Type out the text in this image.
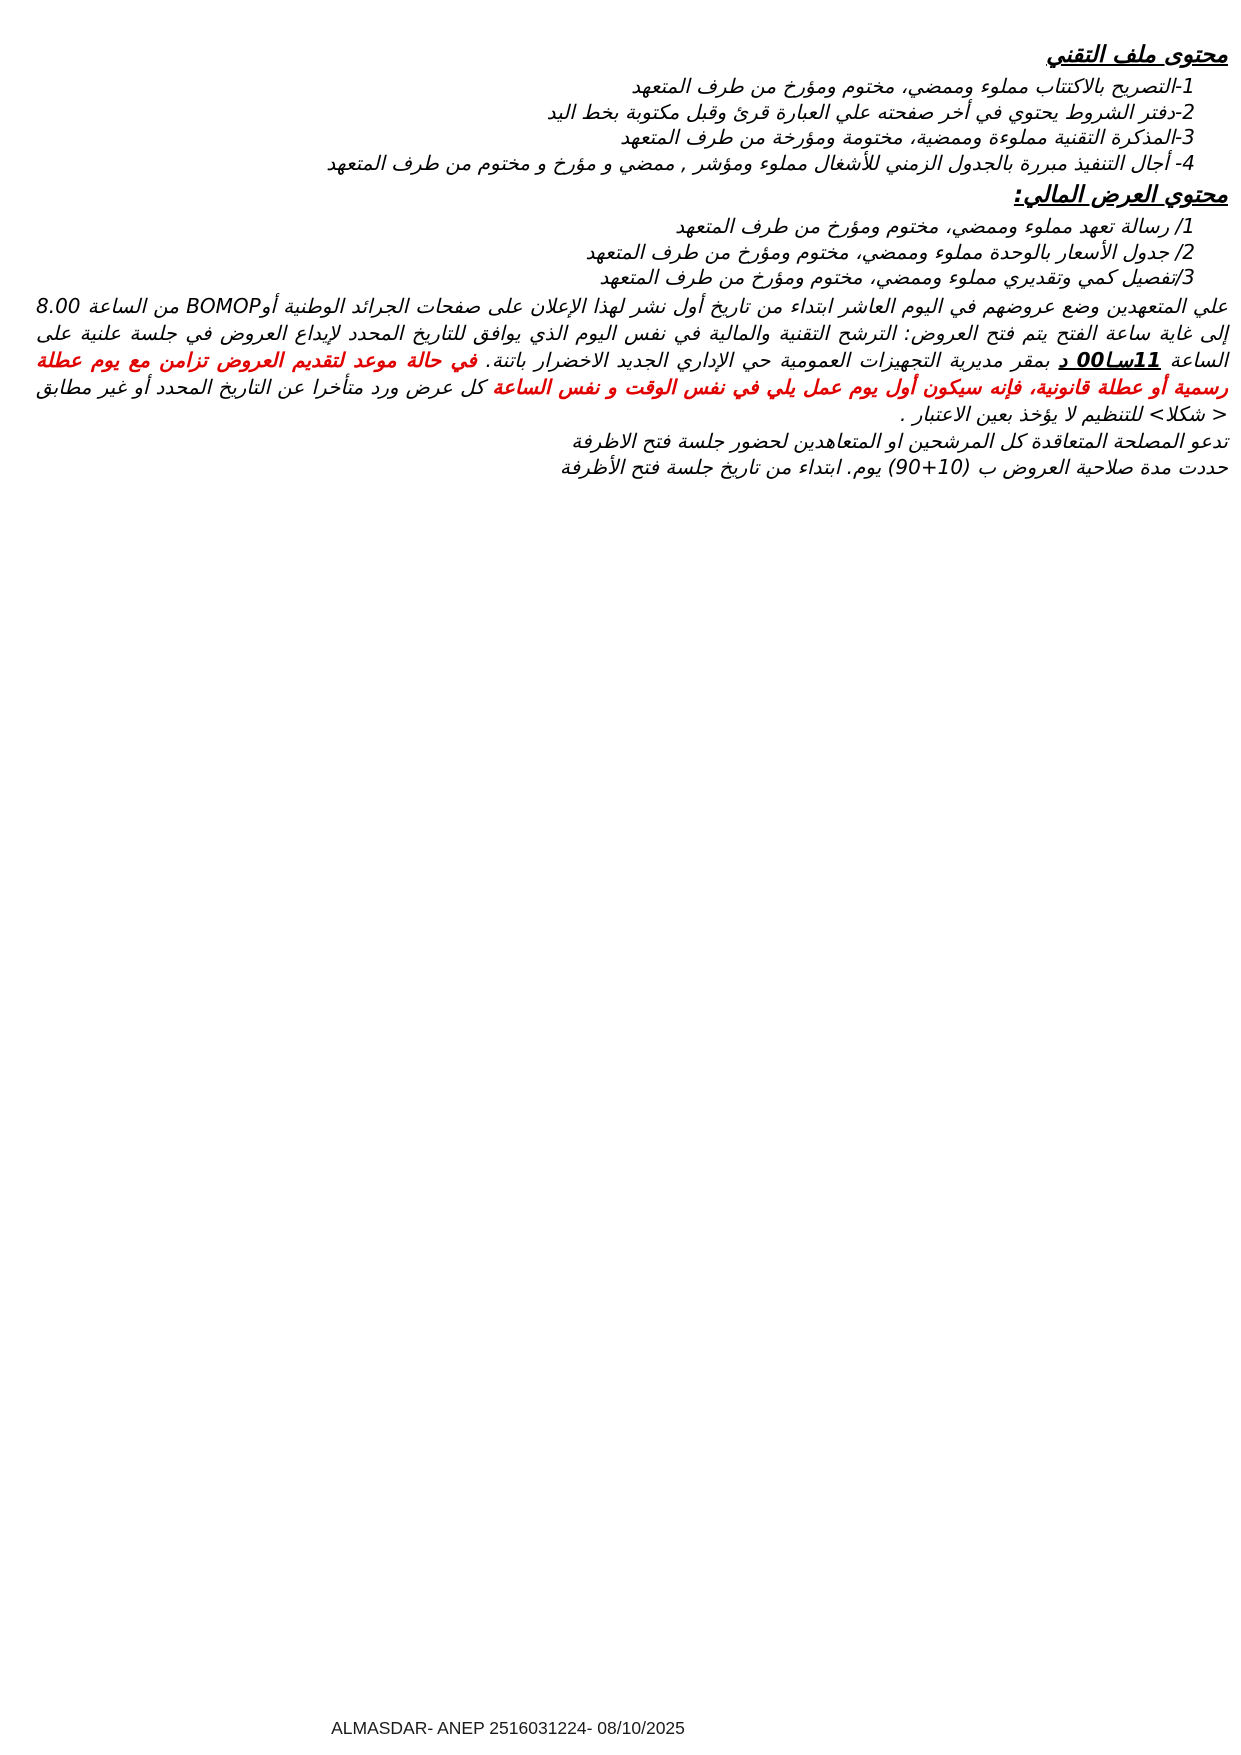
محتوى ملف التقني
1-التصريح بالاكتتاب مملوء وممضي، مختوم ومؤرخ من طرف المتعهد
2-دفتر الشروط يحتوي في أخر صفحته علي العبارة قرئ وقبل مكتوبة بخط اليد
3-المذكرة التقنية مملوءة وممضية، مختومة ومؤرخة من طرف المتعهد
4- أجال التنفيذ مبررة بالجدول الزمني للأشغال مملوء ومؤشر , ممضي و مؤرخ و مختوم من طرف المتعهد
محتوي العرض المالي:
1/ رسالة تعهد مملوء وممضي، مختوم ومؤرخ من طرف المتعهد
2/ جدول الأسعار بالوحدة مملوء وممضي، مختوم ومؤرخ من طرف المتعهد
3/تفصيل كمي وتقديري مملوء وممضي، مختوم ومؤرخ من طرف المتعهد
علي المتعهدين وضع عروضهم في اليوم العاشر ابتداء من تاريخ أول نشر لهذا الإعلان على صفحات الجرائد الوطنية أوBOMOP من الساعة 8.00 إلى غاية ساعة الفتح يتم فتح العروض: الترشح التقنية والمالية في نفس اليوم الذي يوافق للتاريخ المحدد لإيداع العروض في جلسة علنية على الساعة 11سـا00 د بمقر مديرية التجهيزات العمومية حي الإداري الجديد الاخضرار باتنة. في حالة موعد لتقديم العروض تزامن مع يوم عطلة رسمية أو عطلة قانونية، فإنه سيكون أول يوم عمل يلي في نفس الوقت و نفس الساعة كل عرض ورد متأخرا عن التاريخ المحدد أو غير مطابق < شكلا> للتنظيم لا يؤخذ بعين الاعتبار .
تدعو المصلحة المتعاقدة كل المرشحين او المتعاهدين لحضور جلسة فتح الاظرفة
حددت مدة صلاحية العروض ب (10+90) يوم. ابتداء من تاريخ جلسة فتح الأظرفة
ALMASDAR- ANEP 2516031224- 08/10/2025
